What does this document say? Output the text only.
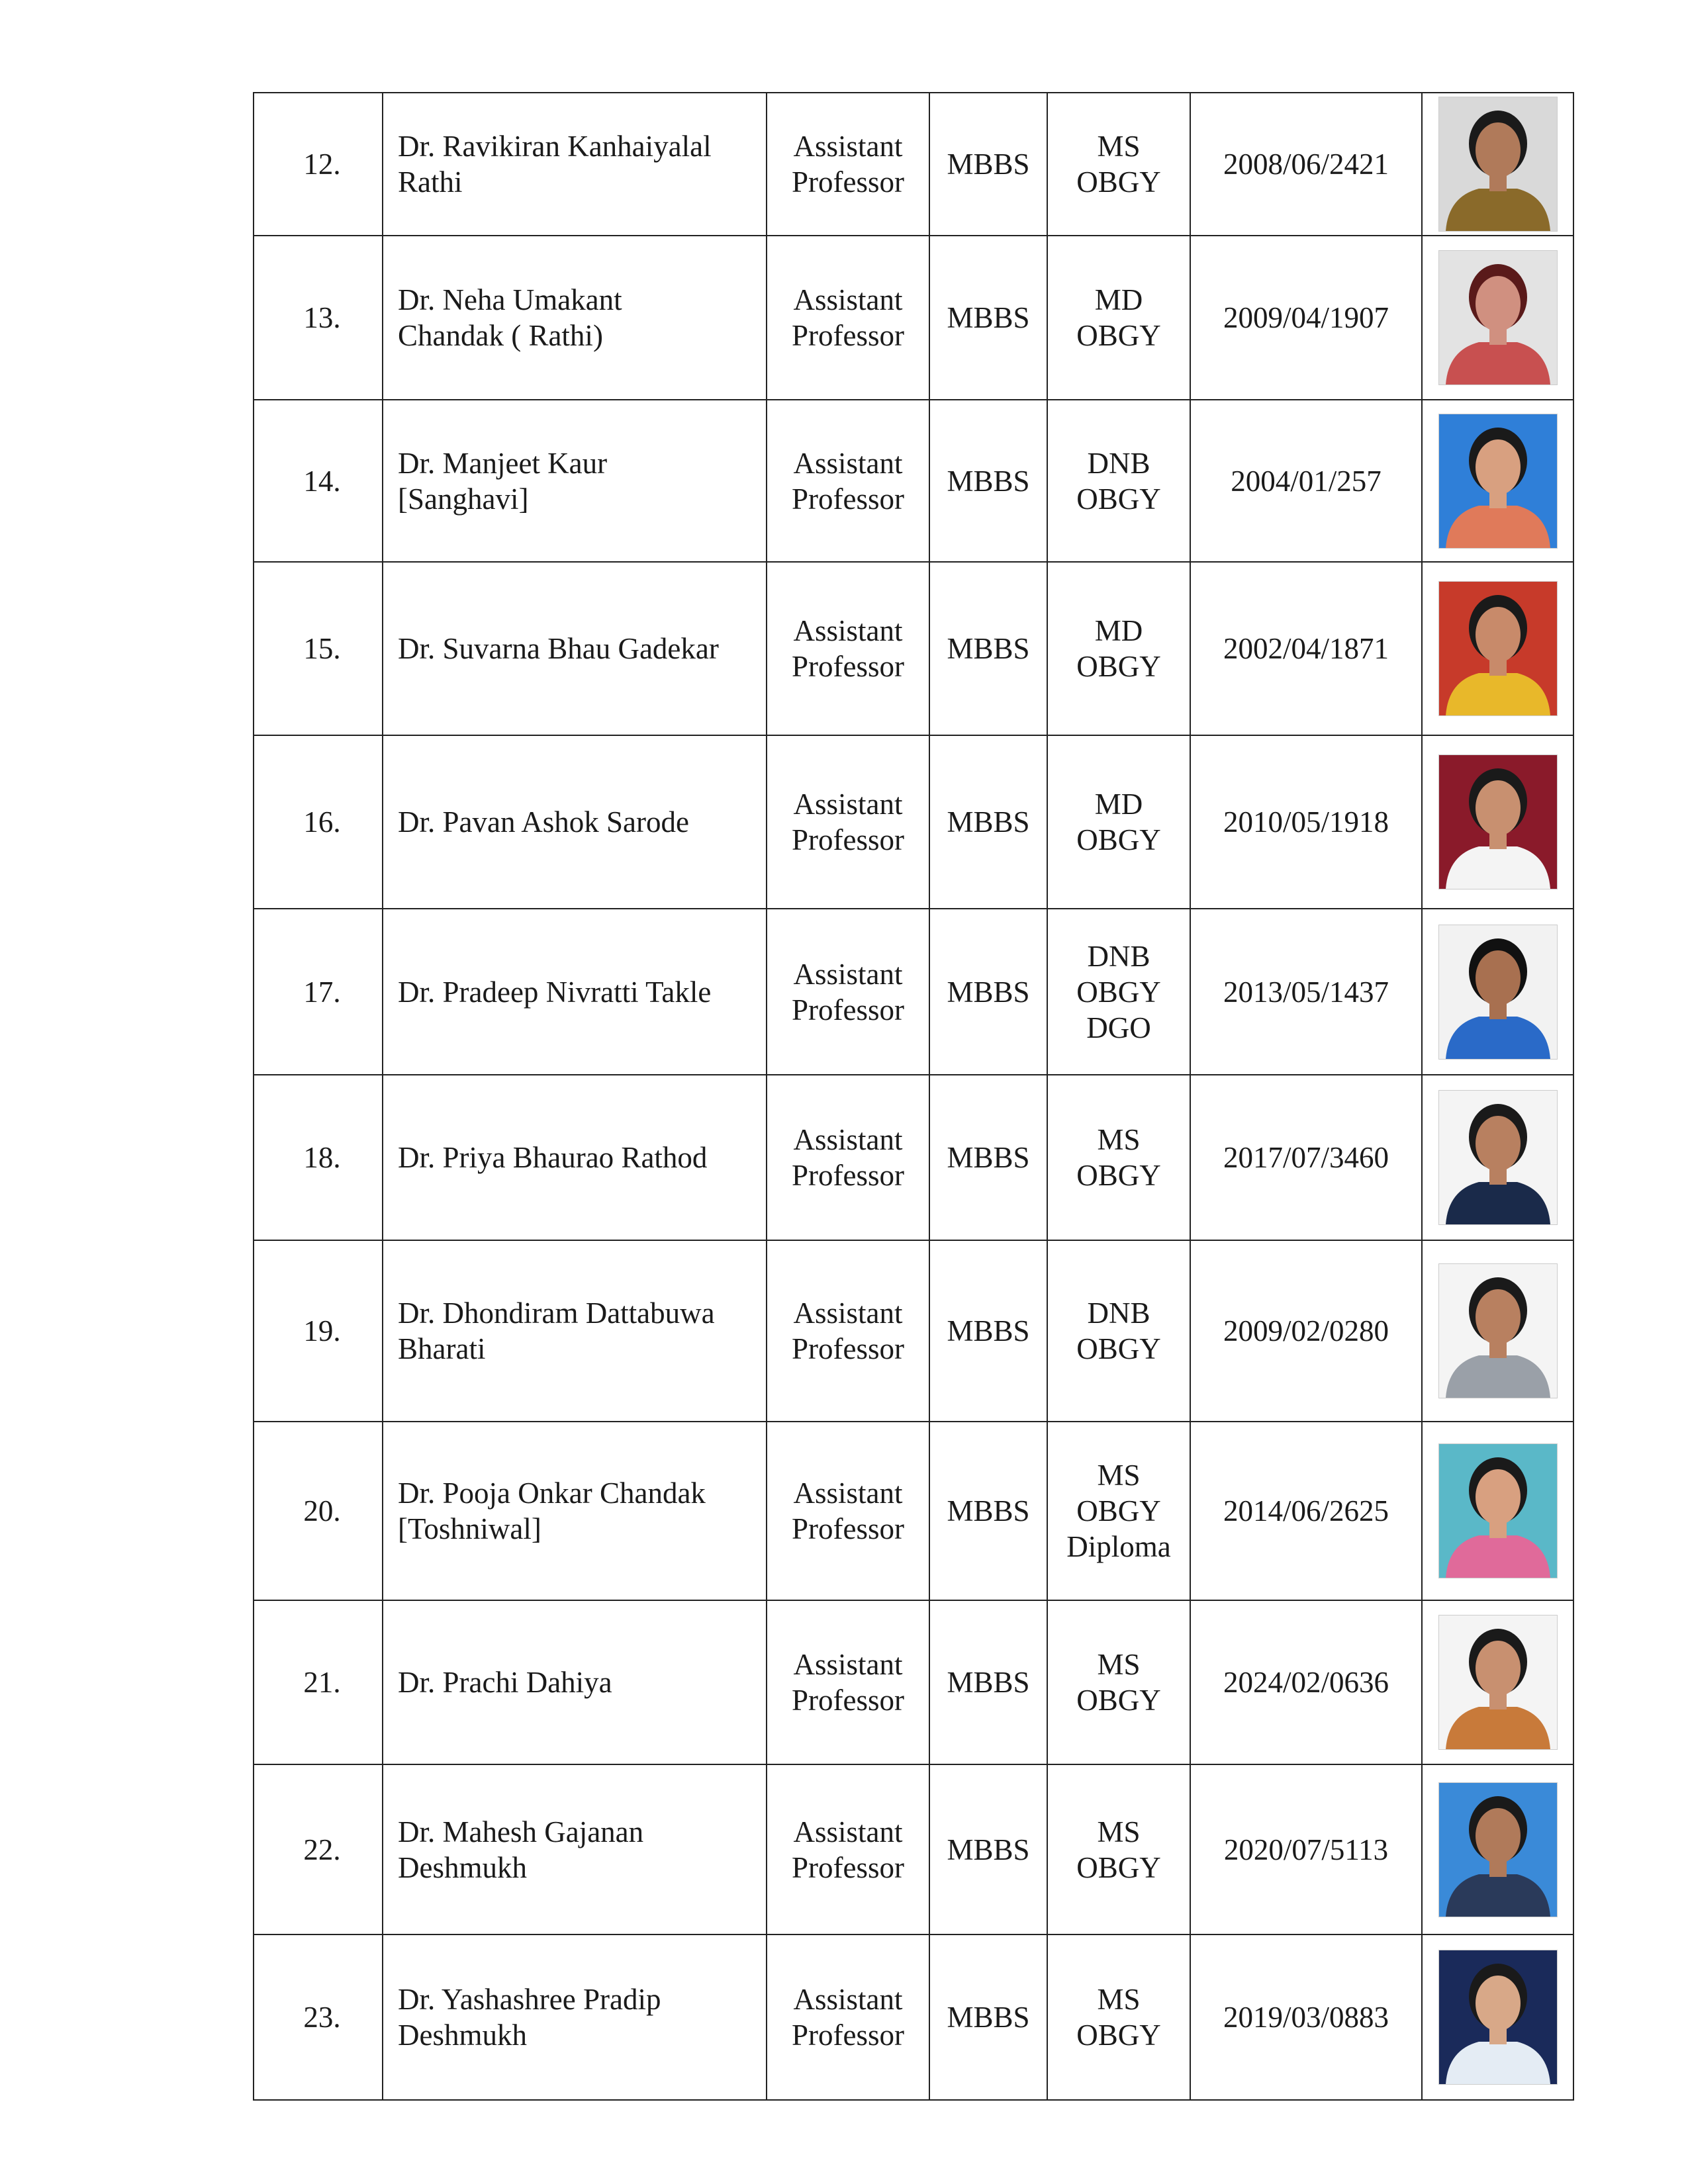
12.	Dr. Ravikiran Kanhaiyalal
Rathi	Assistant
Professor	MBBS	MS
OBGY	2008/06/2421

13.	Dr. Neha Umakant
Chandak ( Rathi)	Assistant
Professor	MBBS	MD
OBGY	2009/04/1907

14.	Dr. Manjeet Kaur
[Sanghavi]	Assistant
Professor	MBBS	DNB
OBGY	2004/01/257

15.	Dr. Suvarna Bhau Gadekar	Assistant
Professor	MBBS	MD
OBGY	2002/04/1871

16.	Dr. Pavan Ashok Sarode	Assistant
Professor	MBBS	MD
OBGY	2010/05/1918

17.	Dr. Pradeep Nivratti Takle	Assistant
Professor	MBBS	DNB
OBGY
DGO	2013/05/1437

18.	Dr. Priya Bhaurao Rathod	Assistant
Professor	MBBS	MS
OBGY	2017/07/3460

19.	Dr. Dhondiram Dattabuwa
Bharati	Assistant
Professor	MBBS	DNB
OBGY	2009/02/0280

20.	Dr. Pooja Onkar Chandak
[Toshniwal]	Assistant
Professor	MBBS	MS
OBGY
Diploma	2014/06/2625

21.	Dr. Prachi Dahiya	Assistant
Professor	MBBS	MS
OBGY	2024/02/0636

22.	Dr. Mahesh Gajanan
Deshmukh	Assistant
Professor	MBBS	MS
OBGY	2020/07/5113

23.	Dr. Yashashree Pradip
Deshmukh	Assistant
Professor	MBBS	MS
OBGY	2019/03/0883
